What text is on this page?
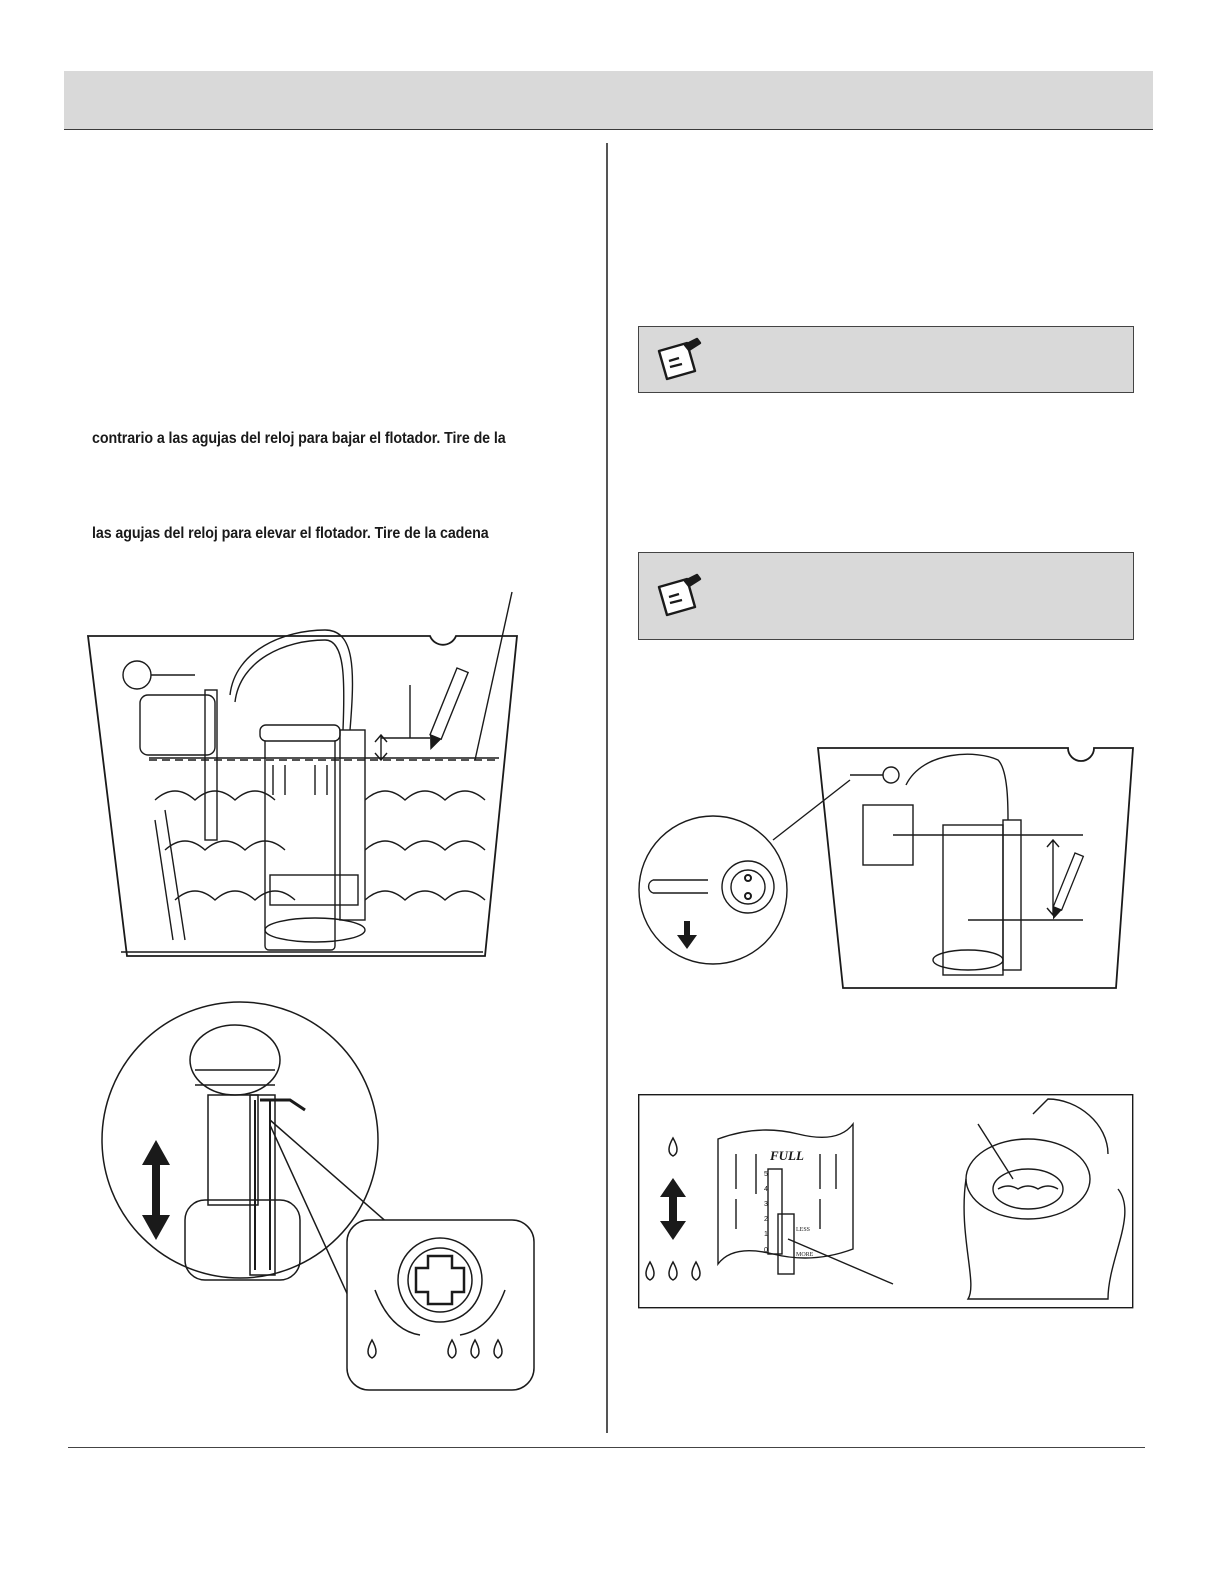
contrario a las agujas del reloj para bajar el flotador. Tire de la
las agujas del reloj para elevar el flotador. Tire de la cadena
FULL
LESS
MORE
0
1
2
3
4
5
